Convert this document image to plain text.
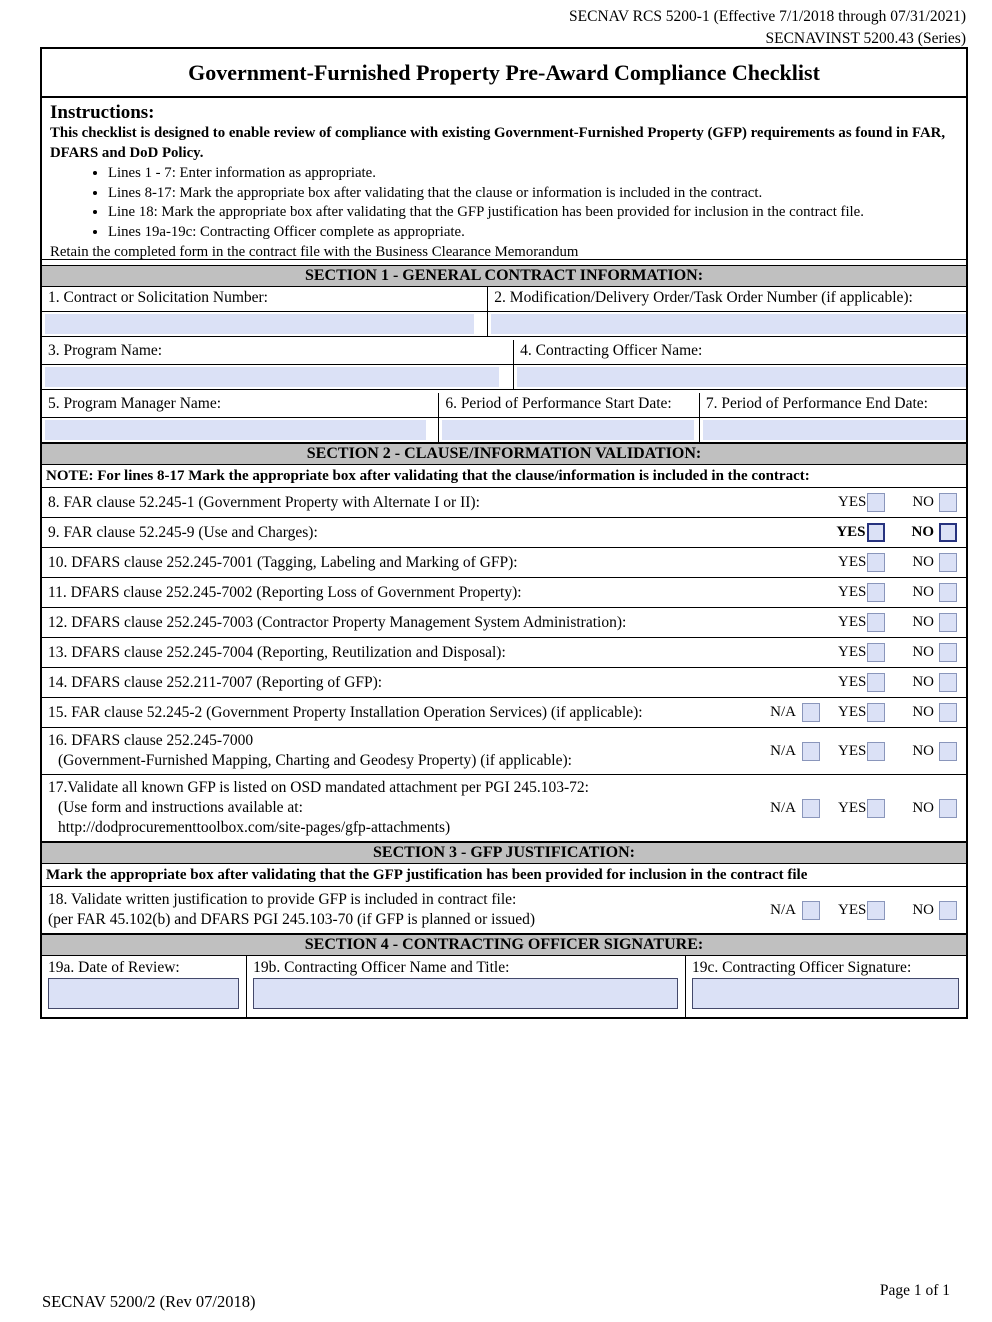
SECNAV RCS 5200-1 (Effective 7/1/2018 through 07/31/2021)
SECNAVINST 5200.43 (Series)
Government-Furnished Property Pre-Award Compliance Checklist
Instructions:
This checklist is designed to enable review of compliance with existing Government-Furnished Property (GFP) requirements as found in FAR, DFARS and DoD Policy.
• Lines 1 - 7: Enter information as appropriate.
• Lines 8-17: Mark the appropriate box after validating that the clause or information is included in the contract.
• Line 18: Mark the appropriate box after validating that the GFP justification has been provided for inclusion in the contract file.
• Lines 19a-19c: Contracting Officer complete as appropriate.
Retain the completed form in the contract file with the Business Clearance Memorandum
SECTION 1 - GENERAL CONTRACT INFORMATION:
1. Contract or Solicitation Number:	2. Modification/Delivery Order/Task Order Number (if applicable):
3. Program Name:	4. Contracting Officer Name:
5. Program Manager Name:	6. Period of Performance Start Date:	7. Period of Performance End Date:
SECTION 2 - CLAUSE/INFORMATION VALIDATION:
NOTE: For lines 8-17 Mark the appropriate box after validating that the clause/information is included in the contract:
8. FAR clause 52.245-1 (Government Property with Alternate I or II):	YES	NO
9. FAR clause 52.245-9 (Use and Charges):	YES	NO
10. DFARS clause 252.245-7001 (Tagging, Labeling and Marking of GFP):	YES	NO
11. DFARS clause 252.245-7002 (Reporting Loss of Government Property):	YES	NO
12. DFARS clause 252.245-7003 (Contractor Property Management System Administration):	YES	NO
13. DFARS clause 252.245-7004 (Reporting, Reutilization and Disposal):	YES	NO
14. DFARS clause 252.211-7007 (Reporting of GFP):	YES	NO
15. FAR clause 52.245-2 (Government Property Installation Operation Services) (if applicable):	N/A	YES	NO
16. DFARS clause 252.245-7000
(Government-Furnished Mapping, Charting and Geodesy Property) (if applicable):
N/A	YES	NO
17.Validate all known GFP is listed on OSD mandated attachment per PGI 245.103-72:
(Use form and instructions available at:
http://dodprocurementtoolbox.com/site-pages/gfp-attachments)
N/A	YES	NO
SECTION 3 - GFP JUSTIFICATION:
Mark the appropriate box after validating that the GFP justification has been provided for inclusion in the contract file
18. Validate written justification to provide GFP is included in contract file:
(per FAR 45.102(b) and DFARS PGI 245.103-70 (if GFP is planned or issued)
N/A	YES	NO
SECTION 4 - CONTRACTING OFFICER SIGNATURE:
19a. Date of Review:	19b. Contracting Officer Name and Title:	19c. Contracting Officer Signature:
SECNAV 5200/2 (Rev 07/2018)
Page 1 of 1
